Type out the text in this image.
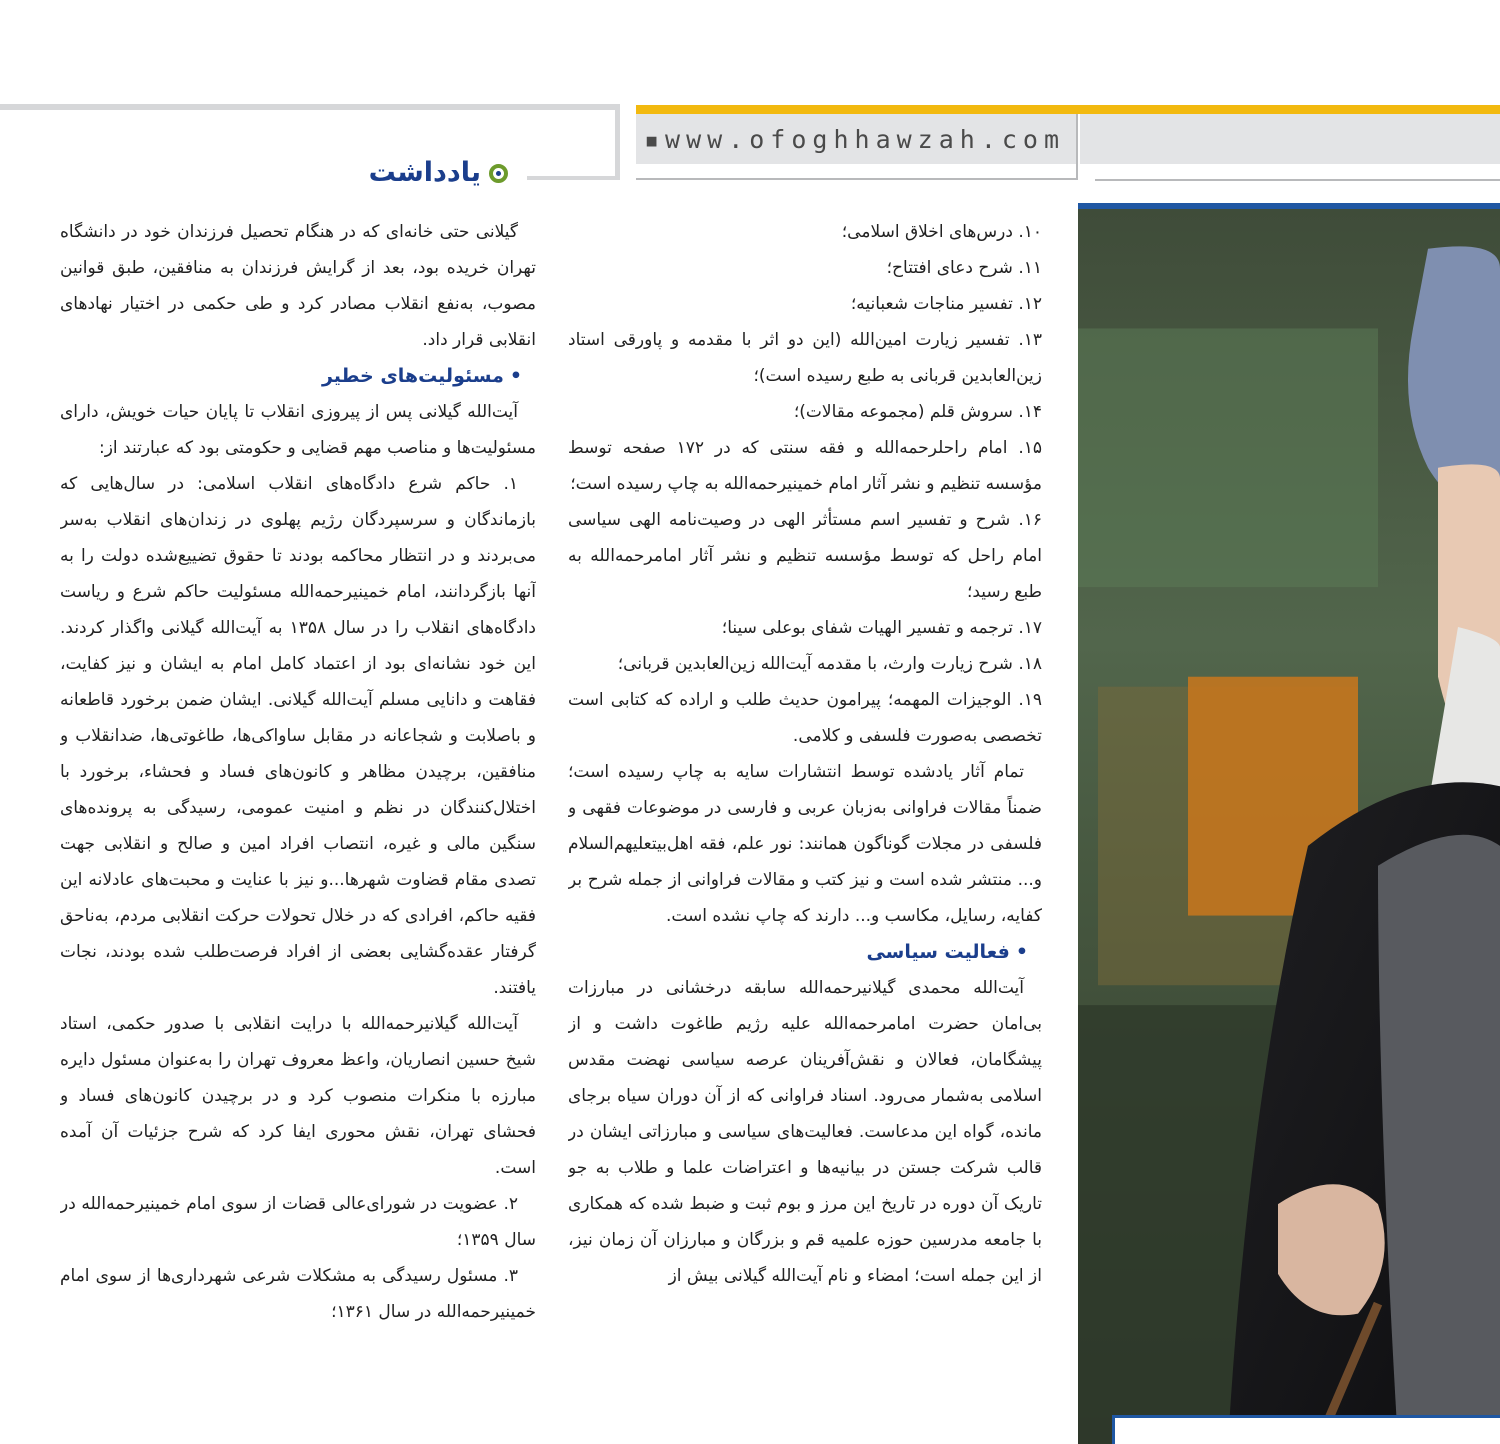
▪www.ofoghhawzah.com
یادداشت

گیلانی حتی خانه‌ای که در هنگام تحصیل فرزندان خود در دانشگاه تهران خریده بود، بعد از گرایش فرزندان به منافقین، طبق قوانین مصوب، به‌نفع انقلاب مصادر کرد و طی حکمی در اختیار نهادهای انقلابی قرار داد.

• مسئولیت‌های خطیر

آیت‌الله گیلانی پس از پیروزی انقلاب تا پایان حیات خویش، دارای مسئولیت‌ها و مناصب مهم قضایی و حکومتی بود که عبارتند از:

۱. حاکم شرع دادگاه‌های انقلاب اسلامی: در سال‌هایی که بازماندگان و سرسپردگان رژیم پهلوی در زندان‌های انقلاب به‌سر می‌بردند و در انتظار محاکمه بودند تا حقوق تضییع‌شده دولت را به آنها بازگردانند، امام خمینیرحمه‌الله مسئولیت حاکم شرع و ریاست دادگاه‌های انقلاب را در سال ۱۳۵۸ به آیت‌الله گیلانی واگذار کردند. این خود نشانه‌ای بود از اعتماد کامل امام به ایشان و نیز کفایت، فقاهت و دانایی مسلم آیت‌الله گیلانی. ایشان ضمن برخورد قاطعانه و باصلابت و شجاعانه در مقابل ساواکی‌ها، طاغوتی‌ها، ضدانقلاب و منافقین، برچیدن مظاهر و کانون‌های فساد و فحشاء، برخورد با اختلال‌کنندگان در نظم و امنیت عمومی، رسیدگی به پرونده‌های سنگین مالی و غیره، انتصاب افراد امین و صالح و انقلابی جهت تصدی مقام قضاوت شهرها...و نیز با عنایت و محبت‌های عادلانه این فقیه حاکم، افرادی که در خلال تحولات حرکت انقلابی مردم، به‌ناحق گرفتار عقده‌گشایی بعضی از افراد فرصت‌طلب شده بودند، نجات یافتند.

آیت‌الله گیلانیرحمه‌الله با درایت انقلابی با صدور حکمی، استاد شیخ حسین انصاریان، واعظ معروف تهران را به‌عنوان مسئول دایره مبارزه با منکرات منصوب کرد و در برچیدن کانون‌های فساد و فحشای تهران، نقش محوری ایفا کرد که شرح جزئیات آن آمده است.

۲. عضویت در شورای‌عالی قضات از سوی امام خمینیرحمه‌الله در سال ۱۳۵۹؛

۳. مسئول رسیدگی به مشکلات شرعی شهرداری‌ها از سوی امام خمینیرحمه‌الله در سال ۱۳۶۱؛

۱۰. درس‌های اخلاق اسلامی؛

۱۱. شرح دعای افتتاح؛

۱۲. تفسیر مناجات شعبانیه؛

۱۳. تفسیر زیارت امین‌الله (این دو اثر با مقدمه و پاورقی استاد زین‌العابدین قربانی به طبع رسیده است)؛

۱۴. سروش قلم (مجموعه مقالات)؛

۱۵. امام راحلرحمه‌الله و فقه سنتی که در ۱۷۲ صفحه توسط مؤسسه تنظیم و نشر آثار امام خمینیرحمه‌الله به چاپ رسیده است؛

۱۶. شرح و تفسیر اسم مستأثر الهی در وصیت‌نامه الهی سیاسی امام راحل که توسط مؤسسه تنظیم و نشر آثار امامرحمه‌الله به طبع رسید؛

۱۷. ترجمه و تفسیر الهیات شفای بوعلی سینا؛

۱۸. شرح زیارت وارث، با مقدمه آیت‌الله زین‌العابدین قربانی؛

۱۹. الوجیزات المهمه؛ پیرامون حدیث طلب و اراده که کتابی است تخصصی به‌صورت فلسفی و کلامی.

تمام آثار یادشده توسط انتشارات سایه به چاپ رسیده است؛ ضمناً مقالات فراوانی به‌زبان عربی و فارسی در موضوعات فقهی و فلسفی در مجلات گوناگون همانند: نور علم، فقه اهل‌بیتعلیهم‌السلام و... منتشر شده است و نیز کتب و مقالات فراوانی از جمله شرح بر کفایه، رسایل، مکاسب و... دارند که چاپ نشده است.

• فعالیت سیاسی

آیت‌الله محمدی گیلانیرحمه‌الله سابقه درخشانی در مبارزات بی‌امان حضرت امامرحمه‌الله علیه رژیم طاغوت داشت و از پیشگامان، فعالان و نقش‌آفرینان عرصه سیاسی نهضت مقدس اسلامی به‌شمار می‌رود. اسناد فراوانی که از آن دوران سیاه برجای مانده، گواه این مدعاست. فعالیت‌های سیاسی و مبارزاتی ایشان در قالب شرکت جستن در بیانیه‌ها و اعتراضات علما و طلاب به جو تاریک آن دوره در تاریخ این مرز و بوم ثبت و ضبط شده که همکاری با جامعه مدرسین حوزه علمیه قم و بزرگان و مبارزان آن زمان نیز، از این جمله است؛ امضاء و نام آیت‌الله گیلانی بیش از
